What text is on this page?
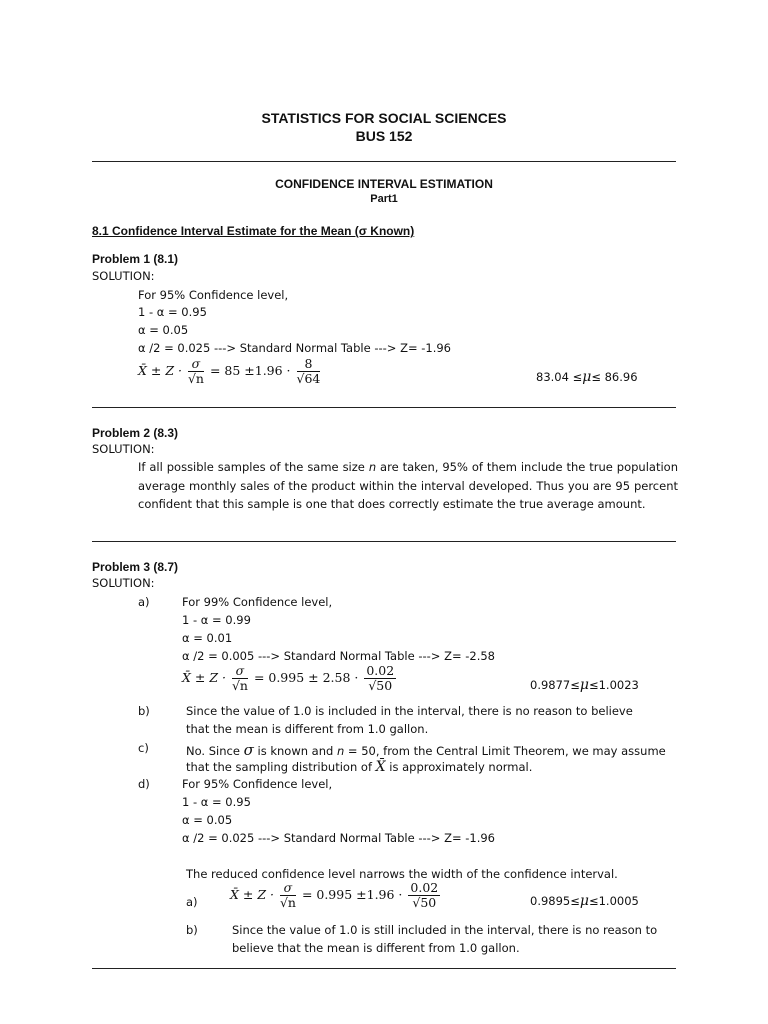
STATISTICS FOR SOCIAL SCIENCES
BUS 152
CONFIDENCE INTERVAL ESTIMATION
Part1
8.1 Confidence Interval Estimate for the Mean (σ Known)
Problem 1 (8.1)
SOLUTION:
For 95% Confidence level,
1 - α = 0.95
α = 0.05
α /2 = 0.025 ---> Standard Normal Table ---> Z= -1.96
X̄ ± $Z \cdot \frac{\sigma}{√n} = 85 \pm 1.96 \cdot \frac{8}{√64}$	83.04 ≤μ≤ 86.96
Problem 2 (8.3)
SOLUTION:
If all possible samples of the same size n are taken, 95% of them include the true population average monthly sales of the product within the interval developed. Thus you are 95 percent confident that this sample is one that does correctly estimate the true average amount.
Problem 3 (8.7)
SOLUTION:
a)	For 99% Confidence level,
1 - α = 0.99
α = 0.01
α /2 = 0.005 ---> Standard Normal Table ---> Z= -2.58
X̄ ± $Z \cdot \frac{\sigma}{√n} = 0.995 \pm 2.58 \cdot \frac{0.02}{√50}$	0.9877≤μ≤1.0023
b)	Since the value of 1.0 is included in the interval, there is no reason to believe
that the mean is different from 1.0 gallon.
c)	No. Since σ is known and n = 50, from the Central Limit Theorem, we may assume
that the sampling distribution of X̄ is approximately normal.
d)	For 95% Confidence level,
1 - α = 0.95
α = 0.05
α /2 = 0.025 ---> Standard Normal Table ---> Z= -1.96
The reduced confidence level narrows the width of the confidence interval.
a)	X̄ ± $Z \cdot \frac{\sigma}{√n} = 0.995 \pm 1.96 \cdot \frac{0.02}{√50}$	0.9895≤μ≤1.0005
b)	Since the value of 1.0 is still included in the interval, there is no reason to
believe that the mean is different from 1.0 gallon.
